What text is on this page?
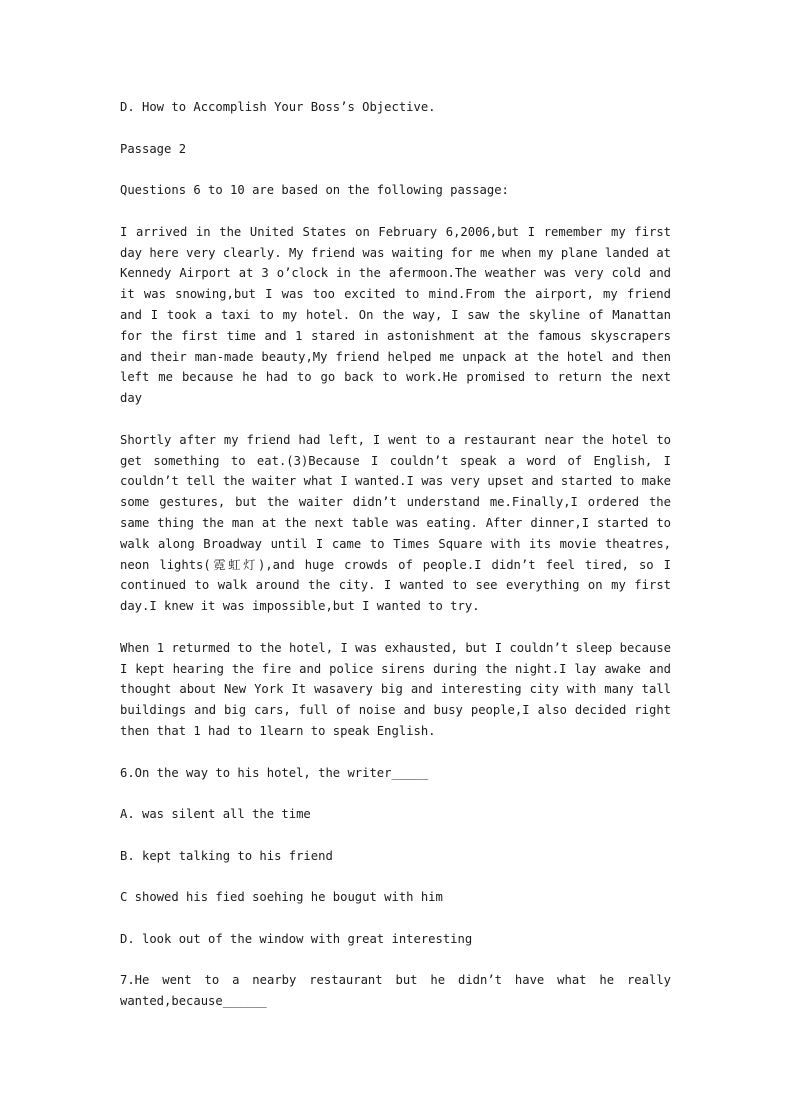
D. How to Accomplish Your Boss’s Objective.

Passage 2

Questions 6 to 10 are based on the following passage:

I arrived in the United States on February 6,2006,but I remember my first day here very clearly. My friend was waiting for me when my plane landed at Kennedy Airport at 3 o’clock in the afermoon.The weather was very cold and it was snowing,but I was too excited to mind.From the airport, my friend and I took a taxi to my hotel. On the way, I saw the skyline of Manattan for the first time and 1 stared in astonishment at the famous skyscrapers and their man-made beauty,My friend helped me unpack at the hotel and then left me because he had to go back to work.He promised to return the next day

Shortly after my friend had left, I went to a restaurant near the hotel to get something to eat.(3)Because I couldn’t speak a word of English, I couldn’t tell the waiter what I wanted.I was very upset and started to make some gestures, but the waiter didn’t understand me.Finally,I ordered the same thing the man at the next table was eating. After dinner,I started to walk along Broadway until I came to Times Square with its movie theatres, neon lights(霓虹灯),and huge crowds of people.I didn’t feel tired, so I continued to walk around the city. I wanted to see everything on my first day.I knew it was impossible,but I wanted to try.

When 1 returmed to the hotel, I was exhausted, but I couldn’t sleep because I kept hearing the fire and police sirens during the night.I lay awake and thought about New York It wasavery big and interesting city with many tall buildings and big cars, full of noise and busy people,I also decided right then that 1 had to 1learn to speak English.

6.On the way to his hotel, the writer_____

A. was silent all the time

B. kept talking to his friend

C showed his fied soehing he bougut with him

D. look out of the window with great interesting

7.He went to a nearby restaurant but he didn’t have what he really wanted,because______
